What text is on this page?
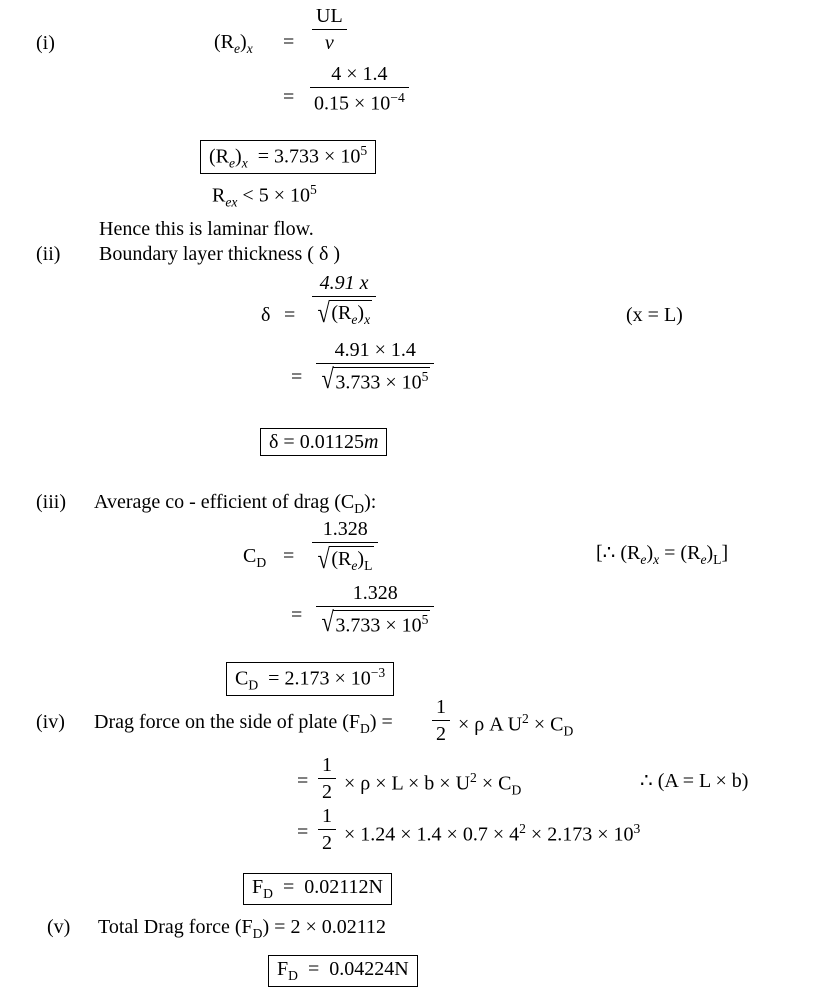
(i)	$(R_e)_x$ =
UL
ν
=
4 × 1.4
$0.15 \times 10^{-4}$
$(R_e)_x = 3.733 \times 10^5$
$R_{ex} < 5 \times 10^5$
Hence this is laminar flow.
(ii) Boundary layer thickness ( δ )
δ =
4.91 x
√ $(R_e)_x$	(x = L)
=
4.91 × 1.4
√ $3.733 \times 10^5$
δ = 0.01125m
(iii) Average co - efficient of drag $(C_D)$:
$C_D$ =
1.328
√ $(R_e)_L$
[∴ $(R_e)_x = (R_e)_L$]
=
1.328
√ $3.733 \times 10^5$
$C_D = 2.173 \times 10^{-3}$
(iv) Drag force on the side of plate $(F_D)$ =
1
2 × ρ A $U^2 \times C_D$
=
1
$2 \times \rho \times L \times b \times U^2 \times C_D$	∴ (A = L × b)
=
1
$2 \times 1.24 \times 1.4 \times 0.7 \times 4^2 \times 2.173 \times 10^3$
$F_D = 0.02112N$
(v) Total Drag force $(F_D) = 2 \times 0.02112$
$F_D = 0.04224N$
